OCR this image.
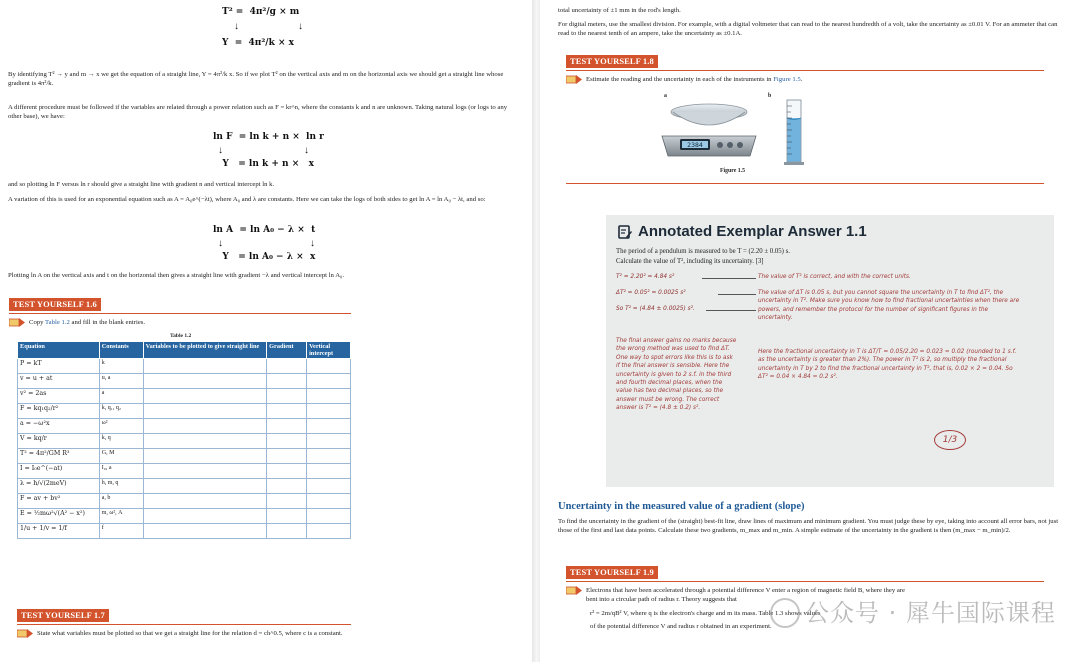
T² =  4π²/g × m
↓	↓
Y  =  4π²/k × x
By identifying T² → y and m → x we get the equation of a straight line, Y = 4π²/k x. So if we plot T² on the vertical axis and m on the horizontal axis we should get a straight line whose gradient is 4π²/k.
A different procedure must be followed if the variables are related through a power relation such as F = kr^n, where the constants k and n are unknown. Taking natural logs (or logs to any other base), we have:
ln F  = ln k + n ×  ln r
↓	↓
Y   = ln k + n ×   x
and so plotting ln F versus ln r should give a straight line with gradient n and vertical intercept ln k.
A variation of this is used for an exponential equation such as A = A₀e^(−λt), where A₀ and λ are constants. Here we can take the logs of both sides to get ln A = ln A₀ − λt, and so:
ln A  = ln A₀ − λ ×  t
↓	↓
Y   = ln A₀ − λ ×  x
Plotting ln A on the vertical axis and t on the horizontal then gives a straight line with gradient −λ and vertical intercept ln A₀.
TEST YOURSELF 1.6
Copy Table 1.2 and fill in the blank entries.
Table 1.2
Equation	Constants	Variables to be plotted to give straight line	Gradient	Vertical intercept
P = kT	k			
v = u + at	u, a			
v² = 2as	a			
F = kq₁q₂/r²	k, q₁, q₂			
a = −ω²x	ω²			
V = kq/r	k, q			
T² = 4π²/GM R³	G, M			
I = I₀e^(−at)	I₀, a			
λ = h/√(2meV)	h, m, q			
F = av + bv²	a, b			
E = ½mω²√(A² − x²)	m, ω², A			
1/u + 1/v = 1/f	f			
TEST YOURSELF 1.7
State what variables must be plotted so that we get a straight line for the relation d = ch^0.5, where c is a constant.
total uncertainty of ±1 mm in the rod's length.
For digital meters, use the smallest division. For example, with a digital voltmeter that can read to the nearest hundredth of a volt, take the uncertainty as ±0.01 V. For an ammeter that can read to the nearest tenth of an ampere, take the uncertainty as ±0.1A.
TEST YOURSELF 1.8
Estimate the reading and the uncertainty in each of the instruments in Figure 1.5.
a	b
2384
Figure 1.5
Annotated Exemplar Answer 1.1
The period of a pendulum is measured to be T = (2.20 ± 0.05) s.
Calculate the value of T², including its uncertainty. [3]
T² = 2.20² = 4.84 s²
ΔT² = 0.05² = 0.0025 s²
So T² = (4.84 ± 0.0025) s².
The value of T² is correct, and with the correct units.
The value of ΔT is 0.05 s, but you cannot square the uncertainty in T to find ΔT², the uncertainty in T². Make sure you know how to find fractional uncertainties when there are powers, and remember the protocol for the number of significant figures in the uncertainty.
Here the fractional uncertainty in T is ΔT/T = 0.05/2.20 = 0.023 ≈ 0.02 (rounded to 1 s.f. as the uncertainty is greater than 2%). The power in T² is 2, so multiply the fractional uncertainty in T by 2 to find the fractional uncertainty in T², that is, 0.02 × 2 = 0.04. So ΔT² = 0.04 × 4.84 ≈ 0.2 s².
The final answer gains no marks because the wrong method was used to find ΔT. One way to spot errors like this is to ask if the final answer is sensible. Here the uncertainty is given to 2 s.f. in the third and fourth decimal places, when the value has two decimal places, so the answer must be wrong. The correct answer is T² = (4.8 ± 0.2) s².
1/3
Uncertainty in the measured value of a gradient (slope)
To find the uncertainty in the gradient of the (straight) best-fit line, draw lines of maximum and minimum gradient. You must judge these by eye, taking into account all error bars, not just those of the first and last data points. Calculate these two gradients, m_max and m_min. A simple estimate of the uncertainty in the gradient is then (m_max − m_min)/2.
TEST YOURSELF 1.9
Electrons that have been accelerated through a potential difference V enter a region of magnetic field B, where they are bent into a circular path of radius r. Theory suggests that
r² = 2m/qB² V, where q is the electron's charge and m its mass. Table 1.3 shows values
of the potential difference V and radius r obtained in an experiment.	公众号 · 犀牛国际课程
